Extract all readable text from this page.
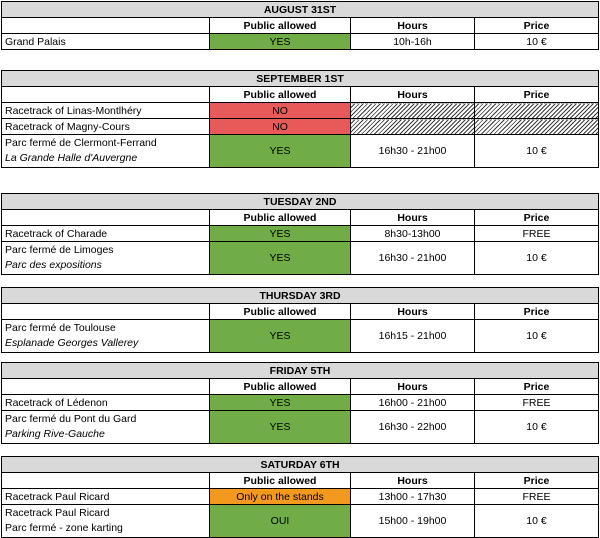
AUGUST 31ST			
	Public allowed	Hours	Price
Grand Palais	YES	10h-16h	10 €
SEPTEMBER 1ST			
	Public allowed	Hours	Price
Racetrack of Linas-Montlhéry	NO		
Racetrack of Magny-Cours	NO		

Parc fermé de Clermont-Ferrand
La Grande Halle d'Auvergne	YES	16h30 - 21h00	10 €
TUESDAY 2ND			
	Public allowed	Hours	Price
Racetrack of Charade	YES	8h30-13h00	FREE

Parc fermé de Limoges
Parc des expositions	YES	16h30 - 21h00	10 €
THURSDAY 3RD			
	Public allowed	Hours	Price

Parc fermé de Toulouse
Esplanade Georges Vallerey	YES	16h15 - 21h00	10 €
FRIDAY 5TH			
	Public allowed	Hours	Price
Racetrack of Lédenon	YES	16h00 - 21h00	FREE

Parc fermé du Pont du Gard
Parking Rive-Gauche	YES	16h30 - 22h00	10 €
SATURDAY 6TH			
	Public allowed	Hours	Price
Racetrack Paul Ricard	Only on the stands	13h00 - 17h30	FREE

Racetrack Paul Ricard
Parc fermé - zone karting	OUI	15h00 - 19h00	10 €
